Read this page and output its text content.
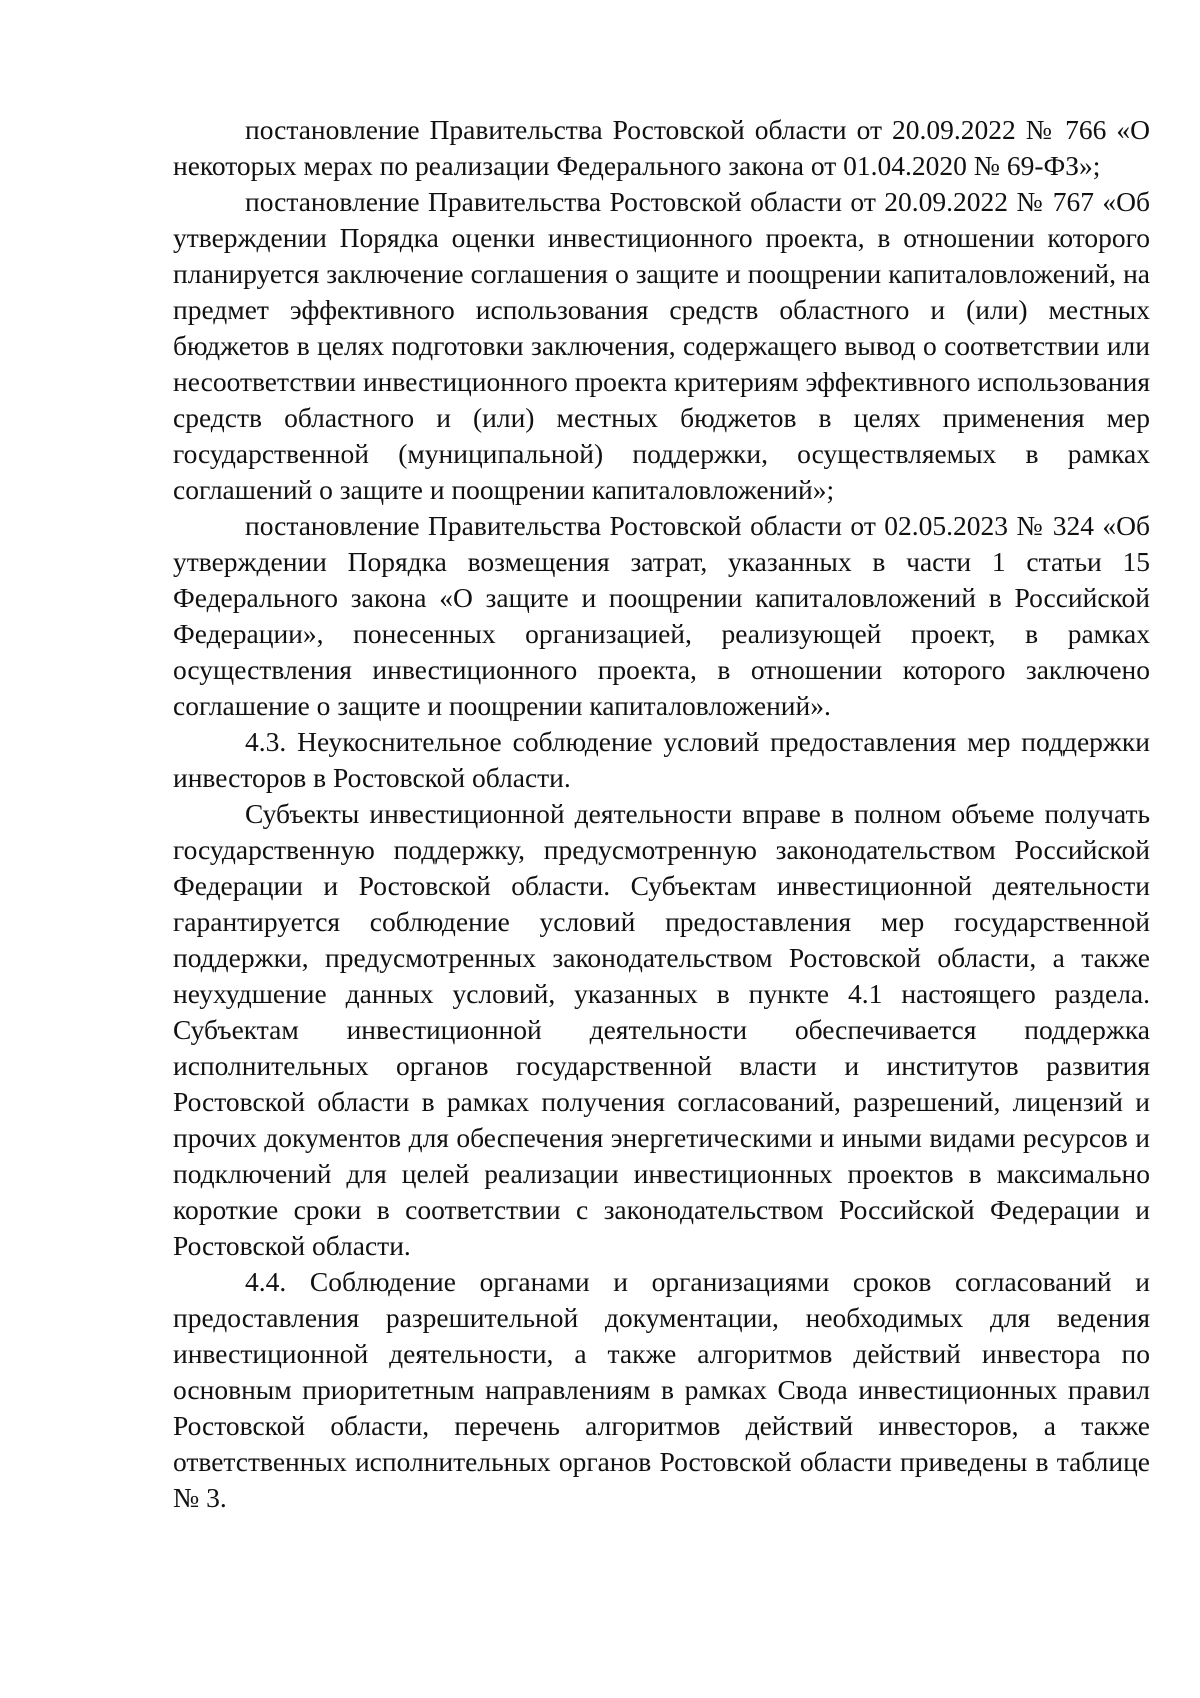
постановление Правительства Ростовской области от 20.09.2022 № 766 «О некоторых мерах по реализации Федерального закона от 01.04.2020 № 69-ФЗ»;

постановление Правительства Ростовской области от 20.09.2022 № 767 «Об утверждении Порядка оценки инвестиционного проекта, в отношении которого планируется заключение соглашения о защите и поощрении капиталовложений, на предмет эффективного использования средств областного и (или) местных бюджетов в целях подготовки заключения, содержащего вывод о соответствии или несоответствии инвестиционного проекта критериям эффективного использования средств областного и (или) местных бюджетов в целях применения мер государственной (муниципальной) поддержки, осуществляемых в рамках соглашений о защите и поощрении капиталовложений»;

постановление Правительства Ростовской области от 02.05.2023 № 324 «Об утверждении Порядка возмещения затрат, указанных в части 1 статьи 15 Федерального закона «О защите и поощрении капиталовложений в Российской Федерации», понесенных организацией, реализующей проект, в рамках осуществления инвестиционного проекта, в отношении которого заключено соглашение о защите и поощрении капиталовложений».

4.3. Неукоснительное соблюдение условий предоставления мер поддержки инвесторов в Ростовской области.

Субъекты инвестиционной деятельности вправе в полном объеме получать государственную поддержку, предусмотренную законодательством Российской Федерации и Ростовской области. Субъектам инвестиционной деятельности гарантируется соблюдение условий предоставления мер государственной поддержки, предусмотренных законодательством Ростовской области, а также неухудшение данных условий, указанных в пункте 4.1 настоящего раздела. Субъектам инвестиционной деятельности обеспечивается поддержка исполнительных органов государственной власти и институтов развития Ростовской области в рамках получения согласований, разрешений, лицензий и прочих документов для обеспечения энергетическими и иными видами ресурсов и подключений для целей реализации инвестиционных проектов в максимально короткие сроки в соответствии с законодательством Российской Федерации и Ростовской области.

4.4. Соблюдение органами и организациями сроков согласований и предоставления разрешительной документации, необходимых для ведения инвестиционной деятельности, а также алгоритмов действий инвестора по основным приоритетным направлениям в рамках Свода инвестиционных правил Ростовской области, перечень алгоритмов действий инвесторов, а также ответственных исполнительных органов Ростовской области приведены в таблице № 3.
